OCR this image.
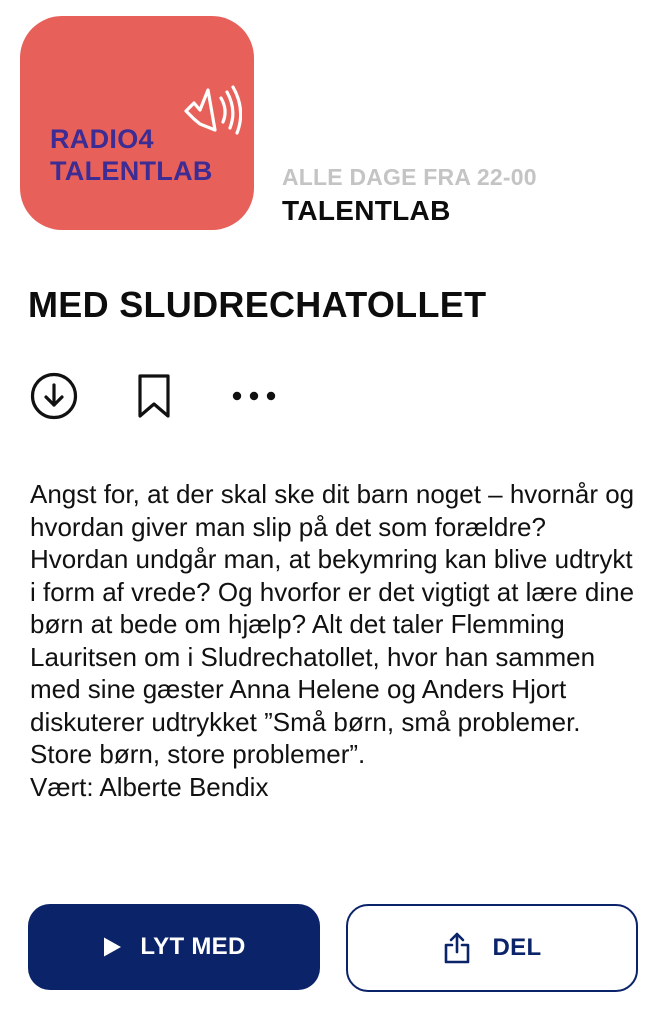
RADIO4
TALENTLAB	ALLE DAGE FRA 22-00
TALENTLAB
MED SLUDRECHATOLLET
Angst for, at der skal ske dit barn noget – hvornår og hvordan giver man slip på det som forældre? Hvordan undgår man, at bekymring kan blive udtrykt i form af vrede? Og hvorfor er det vigtigt at lære dine børn at bede om hjælp? Alt det taler Flemming Lauritsen om i Sludrechatollet, hvor han sammen med sine gæster Anna Helene og Anders Hjort diskuterer udtrykket ”Små børn, små problemer. Store børn, store problemer”.
Vært: Alberte Bendix
LYT MED	DEL
